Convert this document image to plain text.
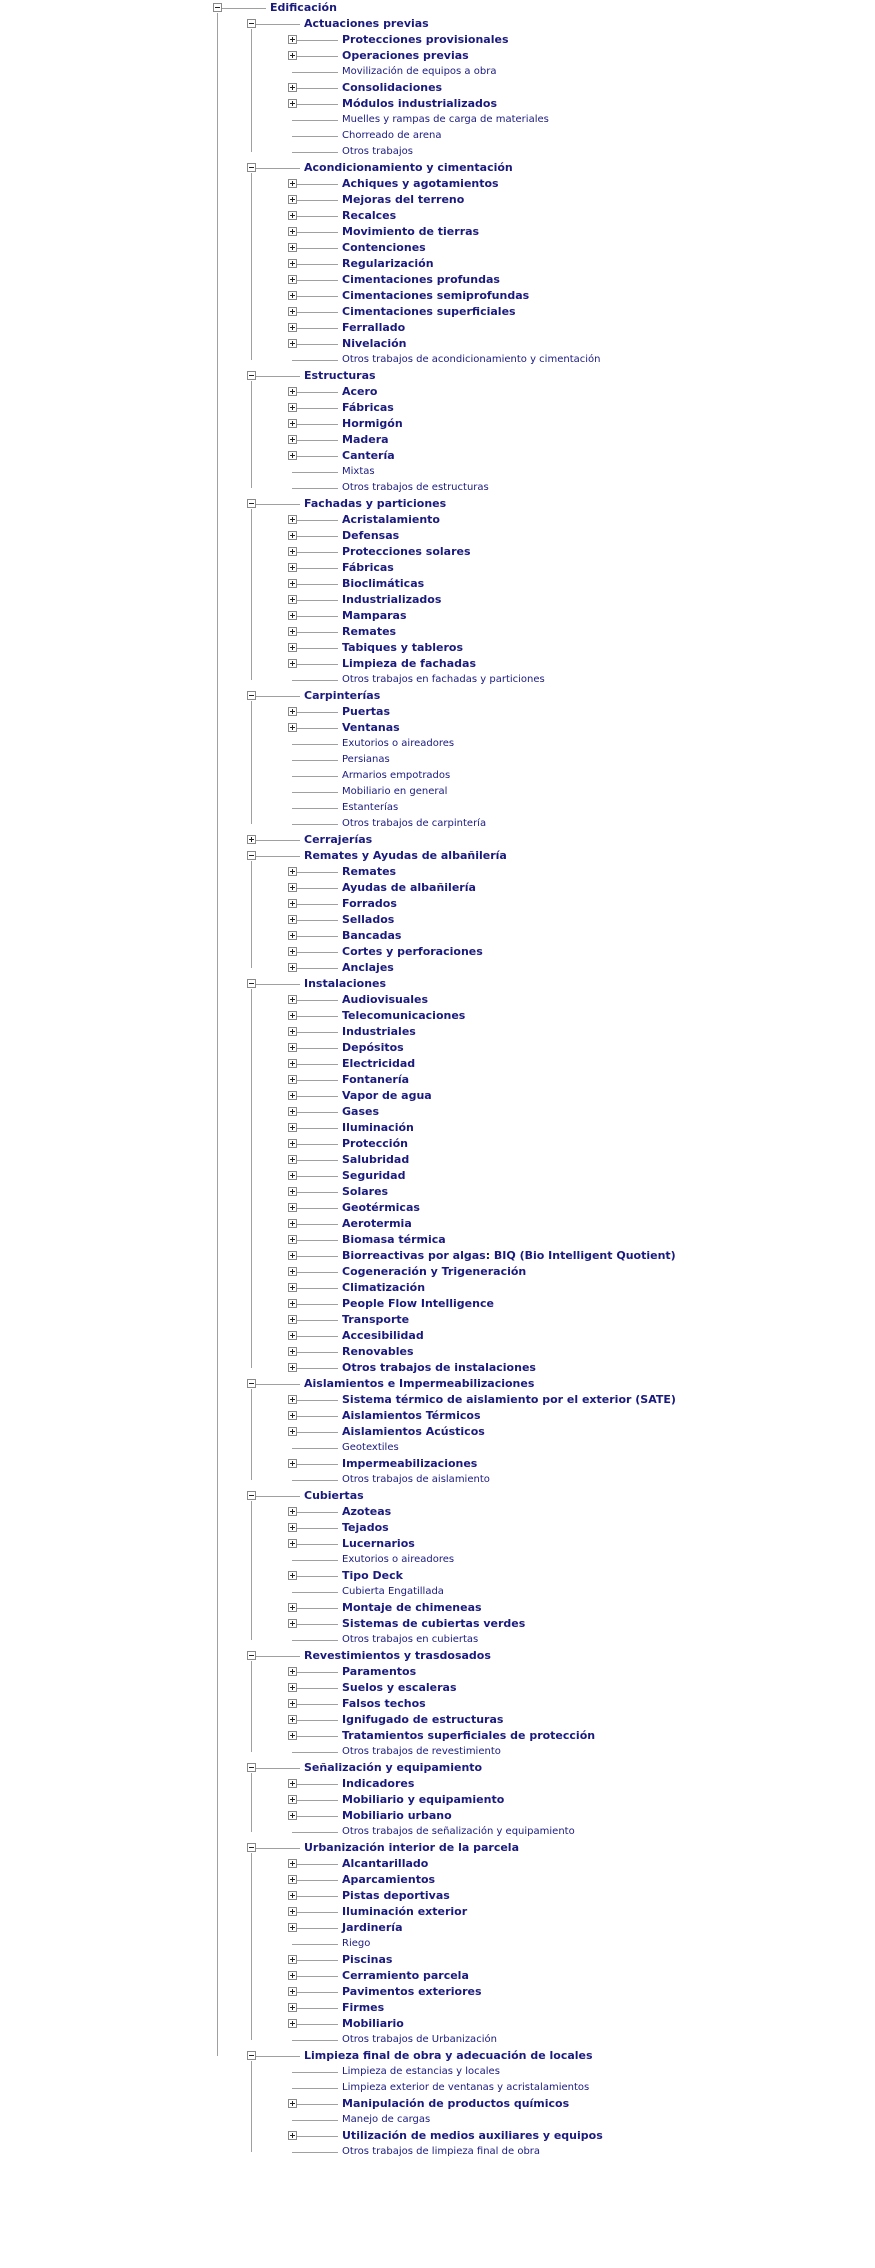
Edificación
Actuaciones previas
Protecciones provisionales
Operaciones previas
Movilización de equipos a obra
Consolidaciones
Módulos industrializados
Muelles y rampas de carga de materiales
Chorreado de arena
Otros trabajos
Acondicionamiento y cimentación
Achiques y agotamientos
Mejoras del terreno
Recalces
Movimiento de tierras
Contenciones
Regularización
Cimentaciones profundas
Cimentaciones semiprofundas
Cimentaciones superficiales
Ferrallado
Nivelación
Otros trabajos de acondicionamiento y cimentación
Estructuras
Acero
Fábricas
Hormigón
Madera
Cantería
Mixtas
Otros trabajos de estructuras
Fachadas y particiones
Acristalamiento
Defensas
Protecciones solares
Fábricas
Bioclimáticas
Industrializados
Mamparas
Remates
Tabiques y tableros
Limpieza de fachadas
Otros trabajos en fachadas y particiones
Carpinterías
Puertas
Ventanas
Exutorios o aireadores
Persianas
Armarios empotrados
Mobiliario en general
Estanterías
Otros trabajos de carpintería
Cerrajerías
Remates y Ayudas de albañilería
Remates
Ayudas de albañilería
Forrados
Sellados
Bancadas
Cortes y perforaciones
Anclajes
Instalaciones
Audiovisuales
Telecomunicaciones
Industriales
Depósitos
Electricidad
Fontanería
Vapor de agua
Gases
Iluminación
Protección
Salubridad
Seguridad
Solares
Geotérmicas
Aerotermia
Biomasa térmica
Biorreactivas por algas: BIQ (Bio Intelligent Quotient)
Cogeneración y Trigeneración
Climatización
People Flow Intelligence
Transporte
Accesibilidad
Renovables
Otros trabajos de instalaciones
Aislamientos e Impermeabilizaciones
Sistema térmico de aislamiento por el exterior (SATE)
Aislamientos Térmicos
Aislamientos Acústicos
Geotextiles
Impermeabilizaciones
Otros trabajos de aislamiento
Cubiertas
Azoteas
Tejados
Lucernarios
Exutorios o aireadores
Tipo Deck
Cubierta Engatillada
Montaje de chimeneas
Sistemas de cubiertas verdes
Otros trabajos en cubiertas
Revestimientos y trasdosados
Paramentos
Suelos y escaleras
Falsos techos
Ignifugado de estructuras
Tratamientos superficiales de protección
Otros trabajos de revestimiento
Señalización y equipamiento
Indicadores
Mobiliario y equipamiento
Mobiliario urbano
Otros trabajos de señalización y equipamiento
Urbanización interior de la parcela
Alcantarillado
Aparcamientos
Pistas deportivas
Iluminación exterior
Jardinería
Riego
Piscinas
Cerramiento parcela
Pavimentos exteriores
Firmes
Mobiliario
Otros trabajos de Urbanización
Limpieza final de obra y adecuación de locales
Limpieza de estancias y locales
Limpieza exterior de ventanas y acristalamientos
Manipulación de productos químicos
Manejo de cargas
Utilización de medios auxiliares y equipos
Otros trabajos de limpieza final de obra
